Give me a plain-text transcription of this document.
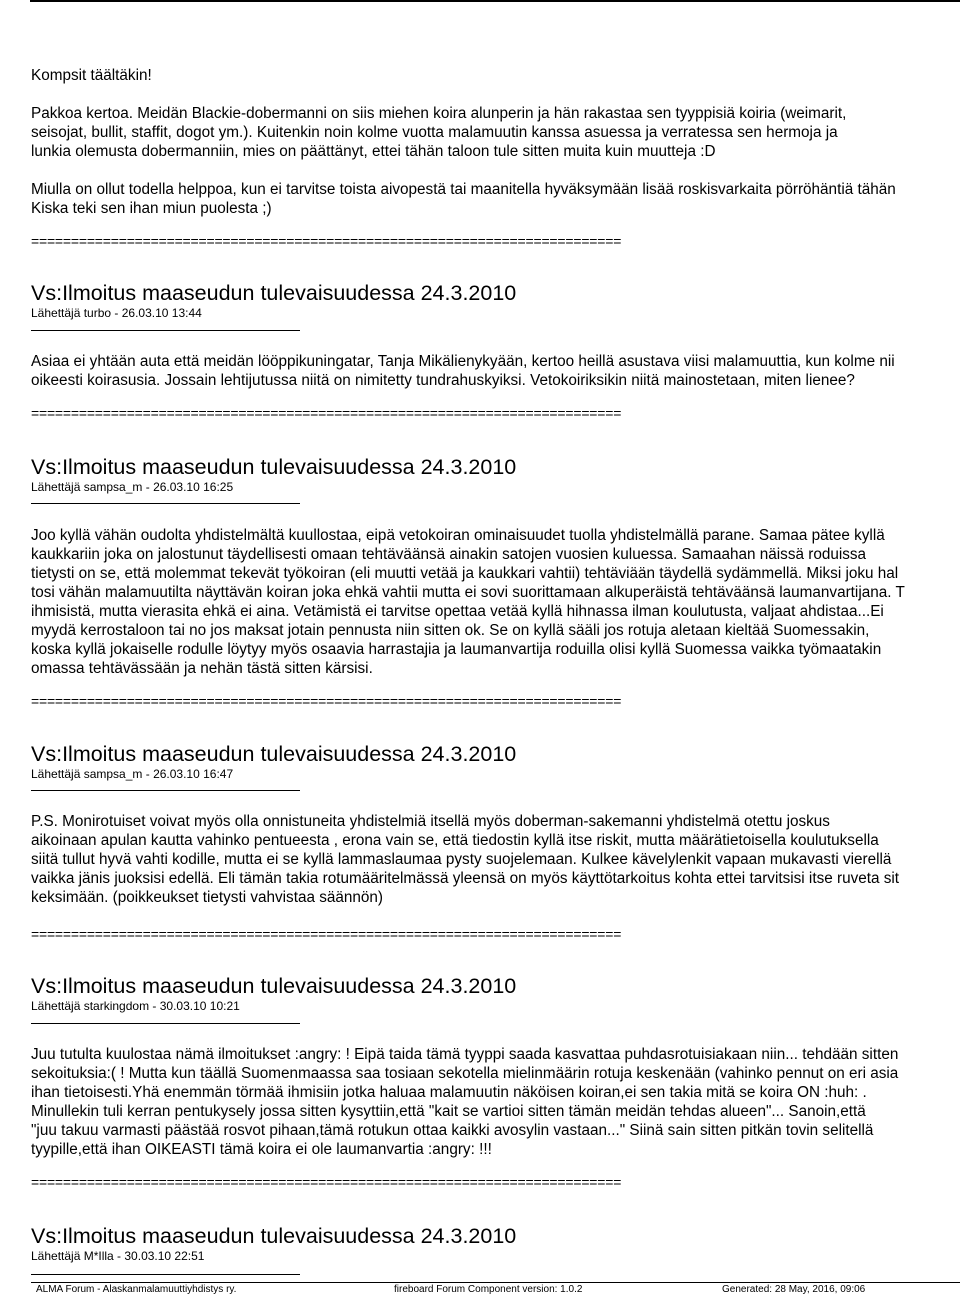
Kompsit täältäkin!

Pakkoa kertoa. Meidän Blackie-dobermanni on siis miehen koira alunperin ja hän rakastaa sen tyyppisiä koiria (weimarit,

seisojat, bullit, staffit, dogot ym.). Kuitenkin noin kolme vuotta malamuutin kanssa asuessa ja verratessa sen hermoja ja

lunkia olemusta dobermanniin, mies on päättänyt, ettei tähän taloon tule sitten muita kuin muutteja :D

Miulla on ollut todella helppoa, kun ei tarvitse toista aivopestä tai maanitella hyväksymään lisää roskisvarkaita pörröhäntiä tähän

Kiska teki sen ihan miun puolesta ;)

==========================================================================
Vs:Ilmoitus maaseudun tulevaisuudessa 24.3.2010
Lähettäjä turbo - 26.03.10 13:44

Asiaa ei yhtään auta että meidän lööppikuningatar, Tanja Mikälienykyään, kertoo heillä asustava viisi malamuuttia, kun kolme nii

oikeesti koirasusia. Jossain lehtijutussa niitä on nimitetty tundrahuskyiksi. Vetokoiriksikin niitä mainostetaan, miten lienee?

==========================================================================
Vs:Ilmoitus maaseudun tulevaisuudessa 24.3.2010
Lähettäjä sampsa_m - 26.03.10 16:25

Joo kyllä vähän oudolta yhdistelmältä kuullostaa, eipä vetokoiran ominaisuudet tuolla yhdistelmällä parane. Samaa pätee kyllä

kaukkariin joka on jalostunut täydellisesti omaan tehtäväänsä ainakin satojen vuosien kuluessa. Samaahan näissä roduissa

tietysti on se, että molemmat tekevät työkoiran (eli muutti vetää ja kaukkari vahtii) tehtäviään täydellä sydämmellä. Miksi joku hal

tosi vähän malamuutilta näyttävän koiran joka ehkä vahtii mutta ei sovi suorittamaan alkuperäistä tehtäväänsä laumanvartijana. T

ihmisistä, mutta vierasita ehkä ei aina. Vetämistä ei tarvitse opettaa vetää kyllä hihnassa ilman koulutusta, valjaat ahdistaa...Ei

myydä kerrostaloon tai no jos maksat jotain pennusta niin sitten ok. Se on kyllä sääli jos rotuja aletaan kieltää Suomessakin,

koska kyllä jokaiselle rodulle löytyy myös osaavia harrastajia ja laumanvartija roduilla olisi kyllä Suomessa vaikka työmaatakin

omassa tehtävässään ja nehän tästä sitten kärsisi.

==========================================================================
Vs:Ilmoitus maaseudun tulevaisuudessa 24.3.2010
Lähettäjä sampsa_m - 26.03.10 16:47

P.S. Monirotuiset voivat myös olla onnistuneita yhdistelmiä itsellä myös doberman-sakemanni yhdistelmä otettu joskus

aikoinaan apulan kautta vahinko pentueesta , erona vain se, että tiedostin kyllä itse riskit, mutta määrätietoisella koulutuksella

siitä tullut hyvä vahti kodille, mutta ei se kyllä lammaslaumaa pysty suojelemaan. Kulkee kävelylenkit vapaan mukavasti vierellä

vaikka jänis juoksisi edellä. Eli tämän takia rotumääritelmässä yleensä on myös käyttötarkoitus kohta ettei tarvitsisi itse ruveta sit

keksimään. (poikkeukset tietysti vahvistaa säännön)

==========================================================================
Vs:Ilmoitus maaseudun tulevaisuudessa 24.3.2010
Lähettäjä starkingdom - 30.03.10 10:21

Juu tutulta kuulostaa nämä ilmoitukset :angry: ! Eipä taida tämä tyyppi saada kasvattaa puhdasrotuisiakaan niin... tehdään sitten

sekoituksia:( ! Mutta kun täällä Suomenmaassa saa tosiaan sekotella mielinmäärin rotuja keskenään (vahinko pennut on eri asia

ihan tietoisesti.Yhä enemmän törmää ihmisiin jotka haluaa malamuutin näköisen koiran,ei sen takia mitä se koira ON :huh: .

Minullekin tuli kerran pentukysely jossa sitten kysyttiin,että "kait se vartioi sitten tämän meidän tehdas alueen"... Sanoin,että

"juu takuu varmasti päästää rosvot pihaan,tämä rotukun ottaa kaikki avosylin vastaan..." Siinä sain sitten pitkän tovin selitellä

tyypille,että ihan OIKEASTI tämä koira ei ole laumanvartia :angry: !!!

==========================================================================
Vs:Ilmoitus maaseudun tulevaisuudessa 24.3.2010
Lähettäjä M*Illa - 30.03.10 22:51
ALMA Forum - Alaskanmalamuuttiyhdistys ry.	fireboard Forum Component version: 1.0.2	Generated: 28 May, 2016, 09:06
